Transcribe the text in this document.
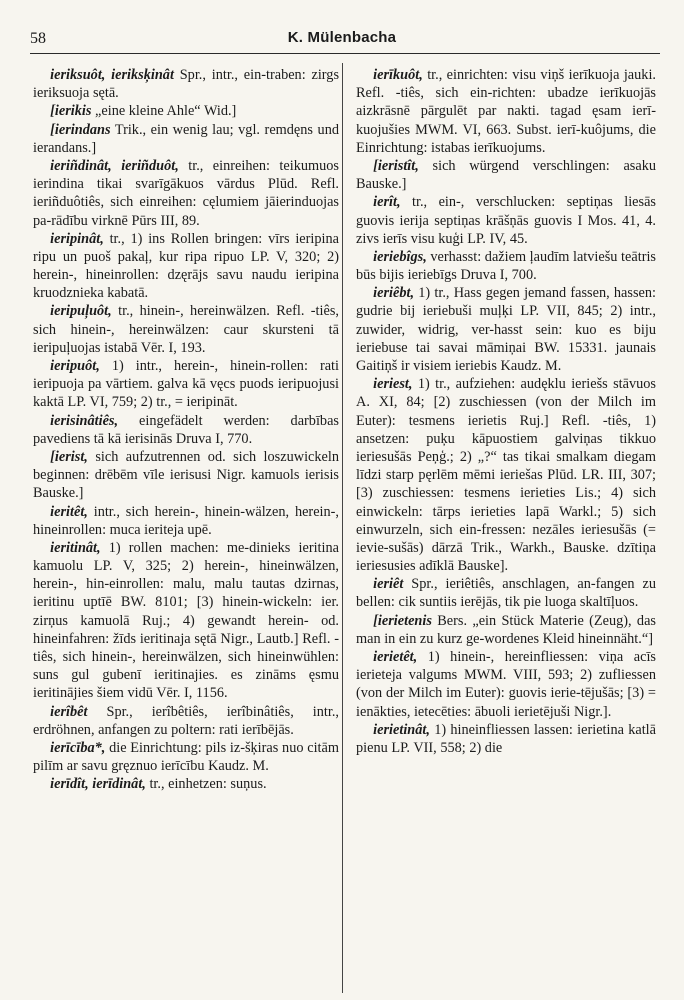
58	K. Mülenbacha

ieriksuôt, ieriksķinât Spr., intr., ein-traben: zirgs ieriksuoja sętā.

[ierikis „eine kleine Ahle“ Wid.]

[ierindans Trik., ein wenig lau; vgl. remdęns und ierandans.]

ieriñdinât, ieriñduôt, tr., einreihen: teikumuos ierindina tikai svarīgākuos vārdus Plūd. Refl. ieriñduôtiês, sich einreihen: cęlumiem jāierinduojas pa-rādību virknē Pūrs III, 89.

ieripinât, tr., 1) ins Rollen bringen: vīrs ieripina ripu un puoš pakaļ, kur ripa ripuo LP. V, 320; 2) herein-, hineinrollen: dzęrājs savu naudu ieripina kruodzniekа kabatā.

ieripuļuôt, tr., hinein-, hereinwälzen. Refl. -tiês, sich hinein-, hereinwälzen: caur skursteni tā ieripuļuojas istabā Vēr. I, 193.

ieripuôt, 1) intr., herein-, hinein-rollen: rati ieripuoja pa vārtiem. galva kā vęcs puods ieripuojusi kaktā LP. VI, 759; 2) tr., = ieripināt.

ierisinâtiês, eingefädelt werden: darbības pavediens tā kā ierisinās Druva I, 770.

[ierist, sich aufzutrennen od. sich loszuwickeln beginnen: drēbēm vīle ierisusi Nigr. kamuols ierisis Bauske.]

ieritêt, intr., sich herein-, hinein-wälzen, herein-, hineinrollen: muca ieriteja upē.

ieritinât, 1) rollen machen: me-dinieks ieritina kamuolu LP. V, 325; 2) herein-, hineinwälzen, herein-, hin-einrollen: malu, malu tautas dzirnas, ieritinu uptīē BW. 8101; [3) hinein-wickeln: ier. zirņus kamuolā Ruj.; 4) gewandt herein- od. hineinfahren: žīds ieritinaja sętā Nigr., Lautb.] Refl. -tiês, sich hinein-, hereinwälzen, sich hineinwühlen: suns gul gubenī ieritinajies. es zināms ęsmu ieritinājies šiem vidū Vēr. I, 1156.

ierîbêt Spr., ierîbêtiês, ierîbinâtiês, intr., erdröhnen, anfangen zu poltern: rati ierībējās.

ierīcība*, die Einrichtung: pils iz-šķiras nuo citām pilīm ar savu gręznuo ierīcību Kaudz. M.

ierīdît, ierīdinât, tr., einhetzen: suņus.

ierīkuôt, tr., einrichten: visu viņš ierīkuoja jauki. Refl. -tiês, sich ein-richten: ubadze ierīkuojās aizkrāsnē pārgulēt par nakti. tagad ęsam ierī-kuojušies MWM. VI, 663. Subst. ierī-kuôjums, die Einrichtung: istabas ierīkuojums.

[ieristît, sich würgend verschlingen: asaku Bauske.]

ierît, tr., ein-, verschlucken: septiņas liesās guovis ierija septiņas krāšņās guovis I Mos. 41, 4. zivs ierīs visu kuģi LP. IV, 45.

ieriebîgs, verhasst: dažiem ļaudīm latviešu teātris būs bijis ieriebīgs Druva I, 700.

ieriêbt, 1) tr., Hass gegen jemand fassen, hassen: gudrie bij ieriebuši muļķi LP. VII, 845; 2) intr., zuwider, widrig, ver-hasst sein: kuo es biju ieriebuse tai savai māmiņai BW. 15331. jaunais Gaitiņš ir visiem ieriebis Kaudz. M.

ieriest, 1) tr., aufziehen: audęklu ieriešs stāvuos A. XI, 84; [2) zuschiessen (von der Milch im Euter): tesmens ierietis Ruj.] Refl. -tiês, 1) ansetzen: puķu kāpuostiem galviņas tikkuo ieriesušās Peņģ.; 2) „?“ tas tikai smalkam diegam līdzi starp pęrlēm mēmi ieriešas Plūd. LR. III, 307; [3) zuschiessen: tesmens ierieties Lis.; 4) sich einwickeln: tārps ierieties lapā Warkl.; 5) sich einwurzeln, sich ein-fressen: nezāles ieriesušās (= ievie-sušās) dārzā Trik., Warkh., Bauske. dzītiņa ieriesusies adīklā Bauske].

ieriêt Spr., ieriêtiês, anschlagen, an-fangen zu bellen: cik suntiis ierējās, tik pie luoga skaltīļuos.

[ierietenis Bers. „ein Stück Materie (Zeug), das man in ein zu kurz ge-wordenes Kleid hineinnäht.“]

ierietêt, 1) hinein-, hereinfliessen: viņa acīs ierieteja valgums MWM. VIII, 593; 2) zufliessen (von der Milch im Euter): guovis ierie-tējušās; [3) = ienākties, ietecēties: ābuoli ierietējuši Nigr.].

ierietinât, 1) hineinfliessen lassen: ierietina katlā pienu LP. VII, 558; 2) die
